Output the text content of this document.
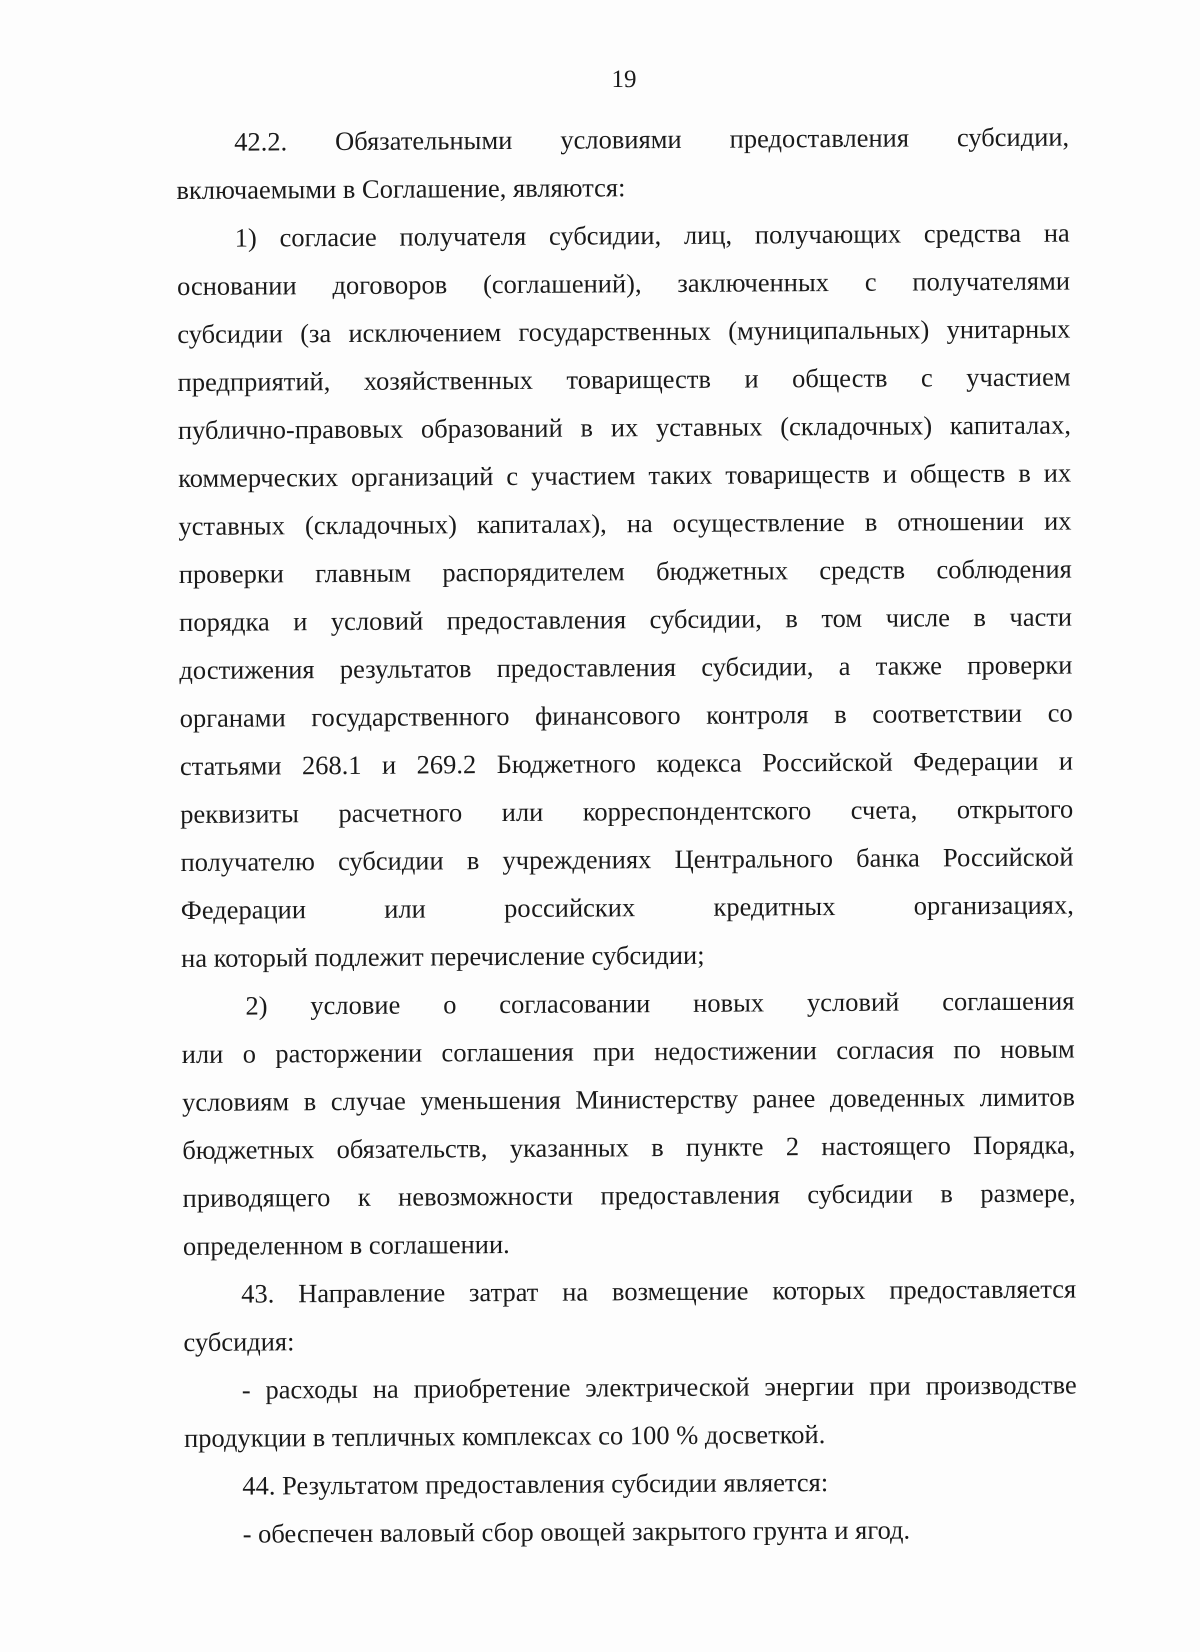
19
42.2. Обязательными условиями предоставления субсидии,
включаемыми в Соглашение, являются:
1) согласие получателя субсидии, лиц, получающих средства на
основании договоров (соглашений), заключенных с получателями
субсидии (за исключением государственных (муниципальных) унитарных
предприятий, хозяйственных товариществ и обществ с участием
публично-правовых образований в их уставных (складочных) капиталах,
коммерческих организаций с участием таких товариществ и обществ в их
уставных (складочных) капиталах), на осуществление в отношении их
проверки главным распорядителем бюджетных средств соблюдения
порядка и условий предоставления субсидии, в том числе в части
достижения результатов предоставления субсидии, а также проверки
органами государственного финансового контроля в соответствии со
статьями 268.1 и 269.2 Бюджетного кодекса Российской Федерации и
реквизиты расчетного или корреспондентского счета, открытого
получателю субсидии в учреждениях Центрального банка Российской
Федерации или российских кредитных организациях,
на который подлежит перечисление субсидии;
2) условие о согласовании новых условий соглашения
или о расторжении соглашения при недостижении согласия по новым
условиям в случае уменьшения Министерству ранее доведенных лимитов
бюджетных обязательств, указанных в пункте 2 настоящего Порядка,
приводящего к невозможности предоставления субсидии в размере,
определенном в соглашении.
43. Направление затрат на возмещение которых предоставляется
субсидия:
- расходы на приобретение электрической энергии при производстве
продукции в тепличных комплексах со 100 % досветкой.
44. Результатом предоставления субсидии является:
- обеспечен валовый сбор овощей закрытого грунта и ягод.
